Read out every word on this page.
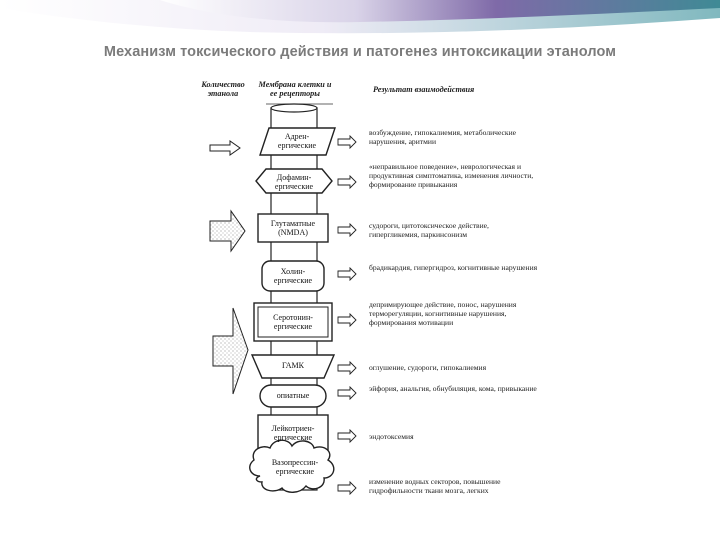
Механизм токсического действия и патогенез интоксикации этанолом
Количество этанола
Мембрана клетки и ее рецепторы	Результат взаимодействия
Адрен-ергические
Дофамин-ергические
Глутаматные (NMDA)
Холин-ергические
Серотонин-ергические
ГАМК
опиатные
Лейкотриен-ергические
Вазопрессин-ергические
возбуждение, гипокалиемия, метаболические нарушения, аритмии
«неправильное поведение», неврологическая и продуктивная симптоматика, изменения личности, формирование привыкания
судороги, цитотоксическое действие, гипергликемия, паркинсонизм
брадикардия, гипергидроз, когнитивные нарушения
депримирующее действие, понос, нарушения терморегуляции, когнитивные нарушения, формирования мотивации
оглушение, судороги, гипокалиемия
эйфория, анальгия, обнубиляция, кома, привыкание
эндотоксемия
изменение водных секторов, повышение гидрофильности ткани мозга, легких
